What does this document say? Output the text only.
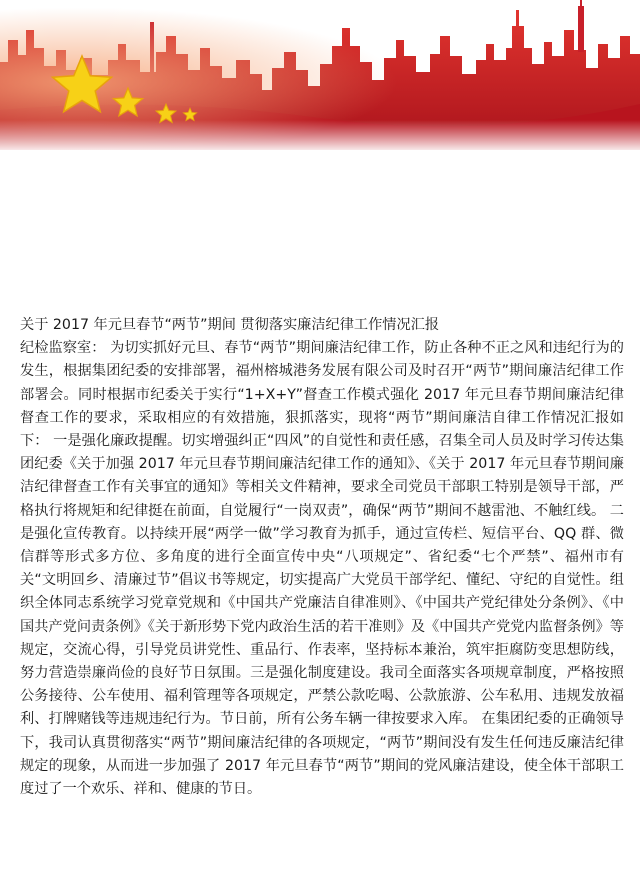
关于 2017 年元旦春节“两节”期间 贯彻落实廉洁纪律工作情况汇报

纪检监察室： 为切实抓好元旦、春节“两节”期间廉洁纪律工作，防止各种不正之风和违纪行为的发生，根据集团纪委的安排部署，福州榕城港务发展有限公司及时召开“两节”期间廉洁纪律工作部署会。同时根据市纪委关于实行“1+X+Y”督查工作模式强化 2017 年元旦春节期间廉洁纪律督查工作的要求，采取相应的有效措施，狠抓落实，现将“两节”期间廉洁自律工作情况汇报如下： 一是强化廉政提醒。切实增强纠正“四风”的自觉性和责任感，召集全司人员及时学习传达集团纪委《关于加强 2017 年元旦春节期间廉洁纪律工作的通知》、《关于 2017 年元旦春节期间廉洁纪律督查工作有关事宜的通知》等相关文件精神，要求全司党员干部职工特别是领导干部，严格执行将规矩和纪律挺在前面，自觉履行“一岗双责”，确保“两节”期间不越雷池、不触红线。 二是强化宣传教育。以持续开展“两学一做”学习教育为抓手，通过宣传栏、短信平台、QQ 群、微信群等形式多方位、多角度的进行全面宣传中央“八项规定”、省纪委“七个严禁”、福州市有关“文明回乡、清廉过节”倡议书等规定，切实提高广大党员干部学纪、懂纪、守纪的自觉性。组织全体同志系统学习党章党规和《中国共产党廉洁自律准则》、《中国共产党纪律处分条例》、《中国共产党问责条例》《关于新形势下党内政治生活的若干准则》及《中国共产党党内监督条例》等规定，交流心得，引导党员讲党性、重品行、作表率，坚持标本兼治，筑牢拒腐防变思想防线，努力营造崇廉尚俭的良好节日氛围。三是强化制度建设。我司全面落实各项规章制度，严格按照公务接待、公车使用、福利管理等各项规定，严禁公款吃喝、公款旅游、公车私用、违规发放福利、打牌赌钱等违规违纪行为。节日前，所有公务车辆一律按要求入库。 在集团纪委的正确领导下，我司认真贯彻落实“两节”期间廉洁纪律的各项规定，“两节”期间没有发生任何违反廉洁纪律规定的现象，从而进一步加强了 2017 年元旦春节“两节”期间的党风廉洁建设，使全体干部职工度过了一个欢乐、祥和、健康的节日。
